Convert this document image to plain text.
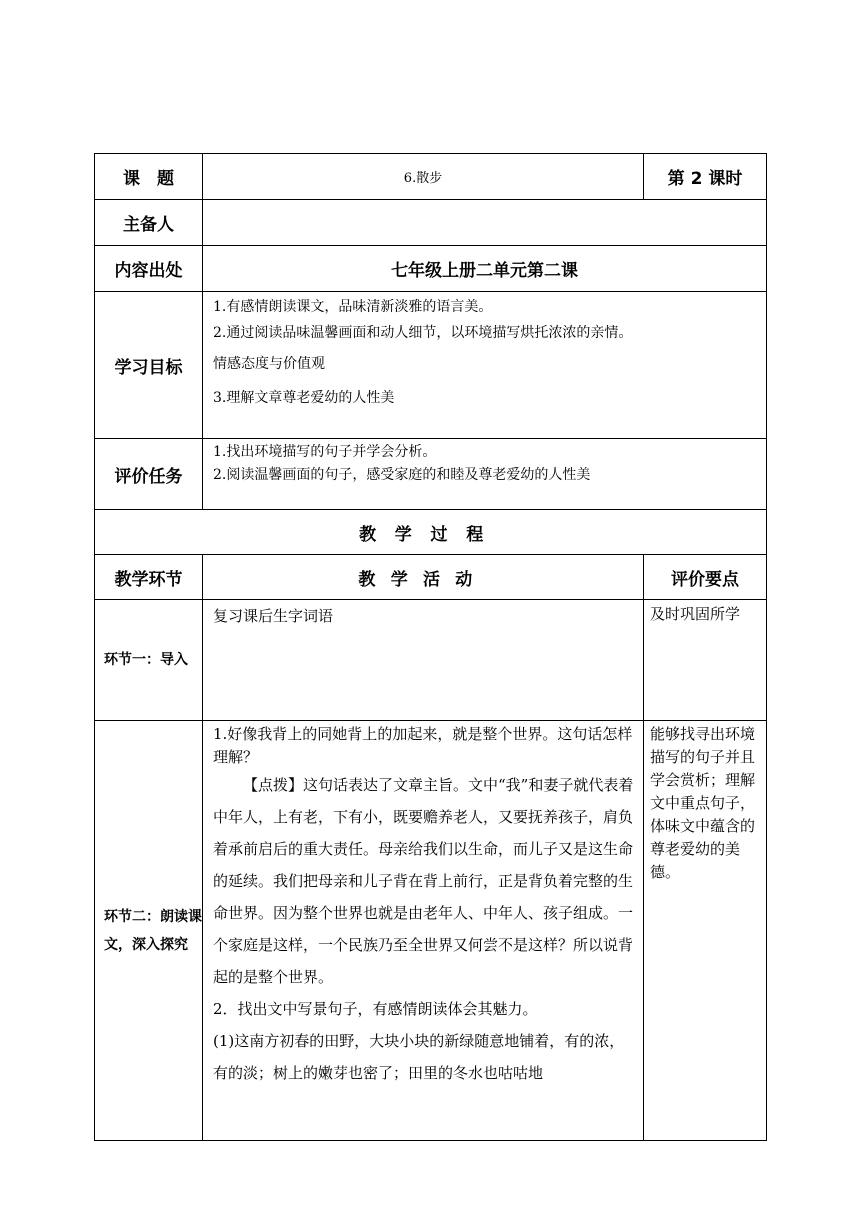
课　题	6.散步	第 2 课时
主备人		
内容出处	七年级上册二单元第二课	
学习目标	1.有感情朗读课文，品味清新淡雅的语言美。
2.通过阅读品味温馨画面和动人细节，以环境描写烘托浓浓的亲情。
情感态度与价值观
3.理解文章尊老爱幼的人性美	

评价任务	1.找出环境描写的句子并学会分析。
2.阅读温馨画面的句子，感受家庭的和睦及尊老爱幼的人性美	

教学过程		
教学环节	教学活动	评价要点
环节一：导入	复习课后生字词语	及时巩固所学
环节二：朗读课文，深入探究	1.好像我背上的同她背上的加起来，就是整个世界。这句话怎样理解？

【点拨】这句话表达了文章主旨。文中“我”和妻子就代表着中年人，上有老，下有小，既要赡养老人，又要抚养孩子，肩负着承前启后的重大责任。母亲给我们以生命，而儿子又是这生命的延续。我们把母亲和儿子背在背上前行，正是背负着完整的生命世界。因为整个世界也就是由老年人、中年人、孩子组成。一个家庭是这样，一个民族乃至全世界又何尝不是这样？所以说背起的是整个世界。

2．找出文中写景句子，有感情朗读体会其魅力。

(1)这南方初春的田野，大块小块的新绿随意地铺着，有的浓，有的淡；树上的嫩芽也密了；田里的冬水也咕咕地	能够找寻出环境描写的句子并且学会赏析；理解文中重点句子，体味文中蕴含的尊老爱幼的美德。
